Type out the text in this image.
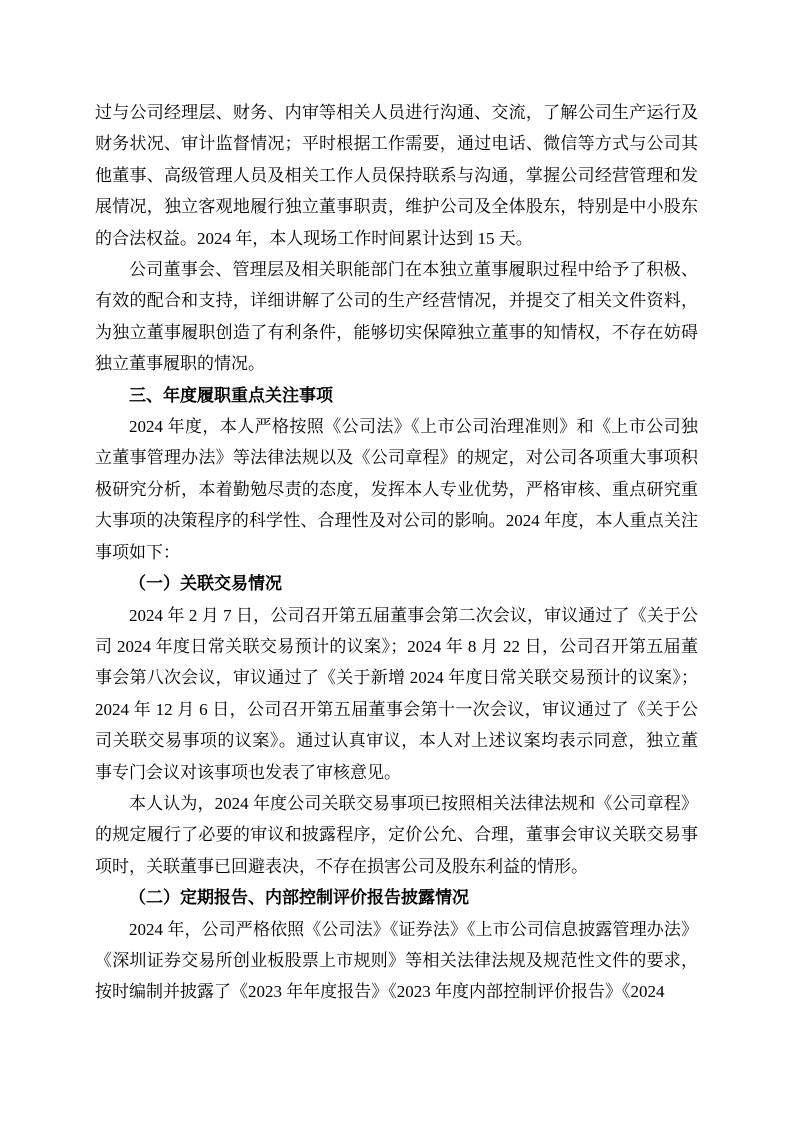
过与公司经理层、财务、内审等相关人员进行沟通、交流，了解公司生产运行及财务状况、审计监督情况；平时根据工作需要，通过电话、微信等方式与公司其他董事、高级管理人员及相关工作人员保持联系与沟通，掌握公司经营管理和发展情况，独立客观地履行独立董事职责，维护公司及全体股东，特别是中小股东的合法权益。2024 年，本人现场工作时间累计达到 15 天。

公司董事会、管理层及相关职能部门在本独立董事履职过程中给予了积极、有效的配合和支持，详细讲解了公司的生产经营情况，并提交了相关文件资料，为独立董事履职创造了有利条件，能够切实保障独立董事的知情权，不存在妨碍独立董事履职的情况。

三、年度履职重点关注事项

2024 年度，本人严格按照《公司法》《上市公司治理准则》和《上市公司独立董事管理办法》等法律法规以及《公司章程》的规定，对公司各项重大事项积极研究分析，本着勤勉尽责的态度，发挥本人专业优势，严格审核、重点研究重大事项的决策程序的科学性、合理性及对公司的影响。2024 年度，本人重点关注事项如下：

（一）关联交易情况

2024 年 2 月 7 日，公司召开第五届董事会第二次会议，审议通过了《关于公司 2024 年度日常关联交易预计的议案》；2024 年 8 月 22 日，公司召开第五届董事会第八次会议，审议通过了《关于新增 2024 年度日常关联交易预计的议案》；2024 年 12 月 6 日，公司召开第五届董事会第十一次会议，审议通过了《关于公司关联交易事项的议案》。通过认真审议，本人对上述议案均表示同意，独立董事专门会议对该事项也发表了审核意见。

本人认为，2024 年度公司关联交易事项已按照相关法律法规和《公司章程》的规定履行了必要的审议和披露程序，定价公允、合理，董事会审议关联交易事项时，关联董事已回避表决，不存在损害公司及股东利益的情形。

（二）定期报告、内部控制评价报告披露情况

2024 年，公司严格依照《公司法》《证券法》《上市公司信息披露管理办法》《深圳证券交易所创业板股票上市规则》等相关法律法规及规范性文件的要求，按时编制并披露了《2023 年年度报告》《2023 年度内部控制评价报告》《2024
